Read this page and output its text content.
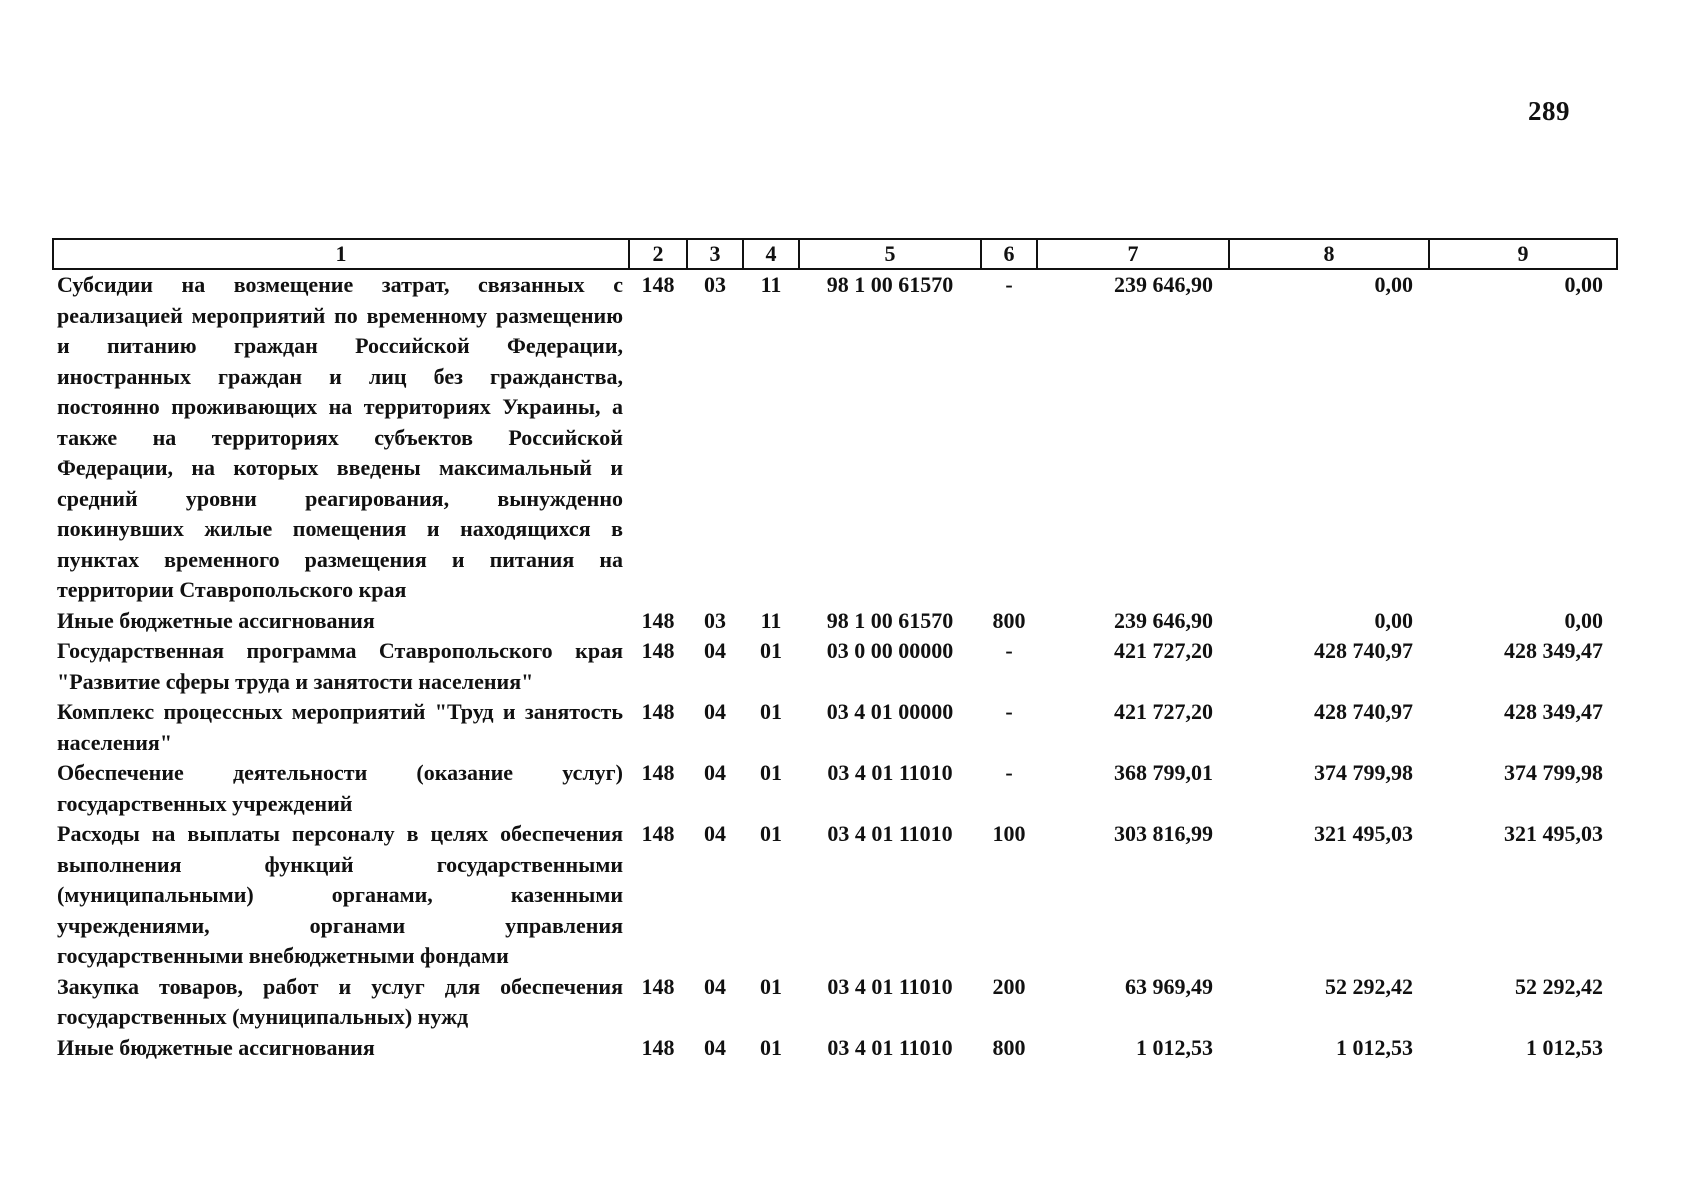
289
1	2	3	4	5	6	7	8	9
Субсидии на возмещение затрат, связанных с реализацией мероприятий по временному размещению и питанию граждан Российской Федерации, иностранных граждан и лиц без гражданства, постоянно проживающих на территориях Украины, а также на территориях субъектов Российской Федерации, на которых введены максимальный и средний уровни реагирования, вынужденно покинувших жилые помещения и находящихся в пунктах временного размещения и питания на территории Ставропольского края	148	03	11	98 1 00 61570	-	239 646,90	0,00	0,00
Иные бюджетные ассигнования	148	03	11	98 1 00 61570	800	239 646,90	0,00	0,00
Государственная программа Ставропольского края "Развитие сферы труда и занятости населения"	148	04	01	03 0 00 00000	-	421 727,20	428 740,97	428 349,47
Комплекс процессных мероприятий "Труд и занятость населения"	148	04	01	03 4 01 00000	-	421 727,20	428 740,97	428 349,47
Обеспечение деятельности (оказание услуг) государственных учреждений	148	04	01	03 4 01 11010	-	368 799,01	374 799,98	374 799,98
Расходы на выплаты персоналу в целях обеспечения выполнения функций государственными (муниципальными) органами, казенными учреждениями, органами управления государственными внебюджетными фондами	148	04	01	03 4 01 11010	100	303 816,99	321 495,03	321 495,03
Закупка товаров, работ и услуг для обеспечения государственных (муниципальных) нужд	148	04	01	03 4 01 11010	200	63 969,49	52 292,42	52 292,42
Иные бюджетные ассигнования	148	04	01	03 4 01 11010	800	1 012,53	1 012,53	1 012,53
